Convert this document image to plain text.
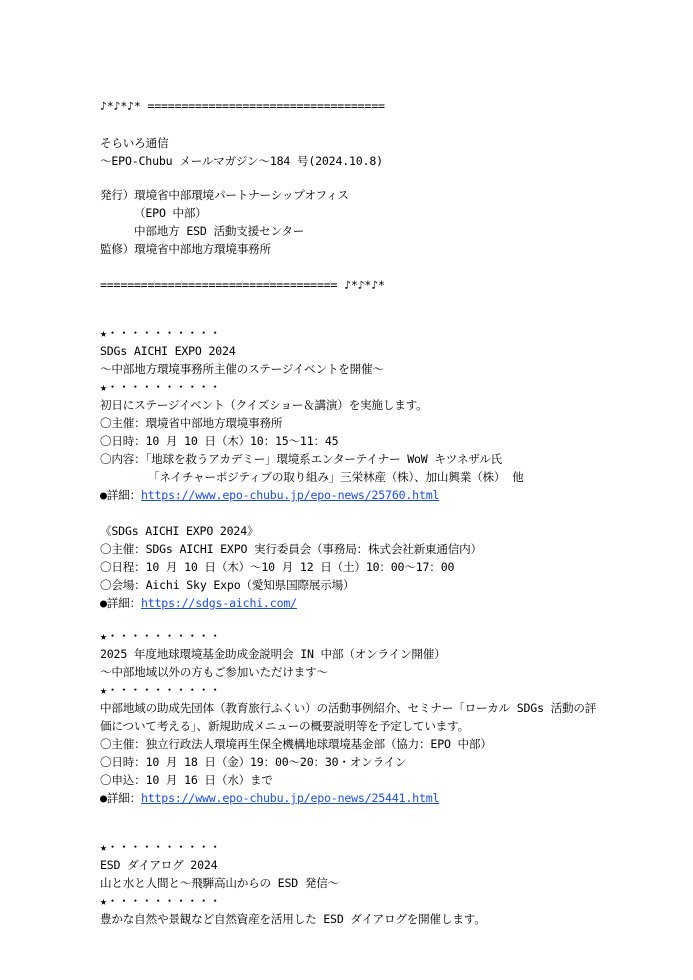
♪*♪*♪* ===================================
そらいろ通信
～EPO-Chubu メールマガジン～184 号(2024.10.8)
発行）環境省中部環境パートナーシップオフィス
（EPO 中部）
中部地方 ESD 活動支援センター
監修）環境省中部地方環境事務所
=================================== ♪*♪*♪*
★・・・・・・・・・・
SDGs AICHI EXPO 2024
～中部地方環境事務所主催のステージイベントを開催～
★・・・・・・・・・・
初日にステージイベント（クイズショー＆講演）を実施します。
〇主催：環境省中部地方環境事務所
〇日時：10 月 10 日（木）10：15～11：45
〇内容：「地球を救うアカデミー」環境系エンターテイナー WoW キツネザル氏
「ネイチャーポジティブの取り組み」三栄林産（株）、加山興業（株） 他
●詳細：https://www.epo-chubu.jp/epo-news/25760.html
《SDGs AICHI EXPO 2024》
〇主催：SDGs AICHI EXPO 実行委員会（事務局：株式会社新東通信内）
〇日程：10 月 10 日（木）～10 月 12 日（土）10：00～17：00
〇会場：Aichi Sky Expo（愛知県国際展示場）
●詳細：https://sdgs-aichi.com/
★・・・・・・・・・・
2025 年度地球環境基金助成金説明会 IN 中部（オンライン開催）
～中部地域以外の方もご参加いただけます～
★・・・・・・・・・・
中部地域の助成先団体（教育旅行ふくい）の活動事例紹介、セミナー「ローカル SDGs 活動の評
価について考える」、新規助成メニューの概要説明等を予定しています。
〇主催：独立行政法人環境再生保全機構地球環境基金部（協力：EPO 中部）
〇日時：10 月 18 日（金）19：00～20：30・オンライン
〇申込：10 月 16 日（水）まで
●詳細：https://www.epo-chubu.jp/epo-news/25441.html
★・・・・・・・・・・
ESD ダイアログ 2024
山と水と人間と～飛騨高山からの ESD 発信～
★・・・・・・・・・・
豊かな自然や景観など自然資産を活用した ESD ダイアログを開催します。
